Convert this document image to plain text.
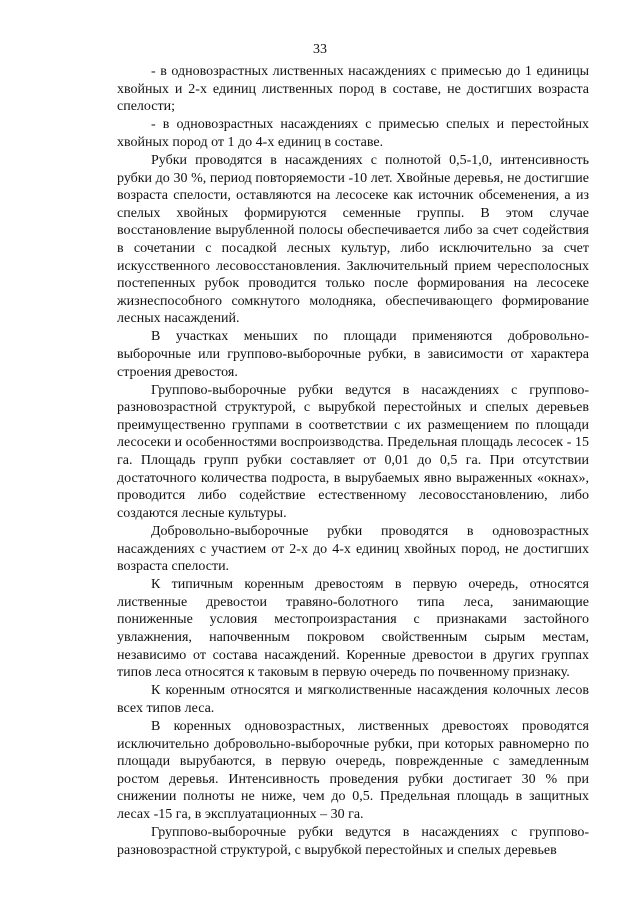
33

- в одновозрастных лиственных насаждениях с примесью до 1 единицы хвойных и 2-х единиц лиственных пород в составе, не достигших возраста спелости;

- в одновозрастных насаждениях с примесью спелых и перестойных хвойных пород от 1 до 4-х единиц в составе.

Рубки проводятся в насаждениях с полнотой 0,5-1,0, интенсивность рубки до 30 %, период повторяемости -10 лет. Хвойные деревья, не достигшие возраста спелости, оставляются на лесосеке как источник обсеменения, а из спелых хвойных формируются семенные группы. В этом случае восстановление вырубленной полосы обеспечивается либо за счет содействия в сочетании с посадкой лесных культур, либо исключительно за счет искусственного лесовосстановления. Заключительный прием чересполосных постепенных рубок проводится только после формирования на лесосеке жизнеспособного сомкнутого молодняка, обеспечивающего формирование лесных насаждений.

В участках меньших по площади применяются добровольно-выборочные или группово-выборочные рубки, в зависимости от характера строения древостоя.

Группово-выборочные рубки ведутся в насаждениях с группово-разновозрастной структурой, с вырубкой перестойных и спелых деревьев преимущественно группами в соответствии с их размещением по площади лесосеки и особенностями воспроизводства. Предельная площадь лесосек - 15 га. Площадь групп рубки составляет от 0,01 до 0,5 га. При отсутствии достаточного количества подроста, в вырубаемых явно выраженных «окнах», проводится либо содействие естественному лесовосстановлению, либо создаются лесные культуры.

Добровольно-выборочные рубки проводятся в одновозрастных насаждениях с участием от 2-х до 4-х единиц хвойных пород, не достигших возраста спелости.

К типичным коренным древостоям в первую очередь, относятся лиственные древостои травяно-болотного типа леса, занимающие пониженные условия местопроизрастания с признаками застойного увлажнения, напочвенным покровом свойственным сырым местам, независимо от состава насаждений. Коренные древостои в других группах типов леса относятся к таковым в первую очередь по почвенному признаку.

К коренным относятся и мягколиственные насаждения колочных лесов всех типов леса.

В коренных одновозрастных, лиственных древостоях проводятся исключительно добровольно-выборочные рубки, при которых равномерно по площади вырубаются, в первую очередь, поврежденные с замедленным ростом деревья. Интенсивность проведения рубки достигает 30 % при снижении полноты не ниже, чем до 0,5. Предельная площадь в защитных лесах -15 га, в эксплуатационных – 30 га.

Группово-выборочные рубки ведутся в насаждениях с группово-разновозрастной структурой, с вырубкой перестойных и спелых деревьев
